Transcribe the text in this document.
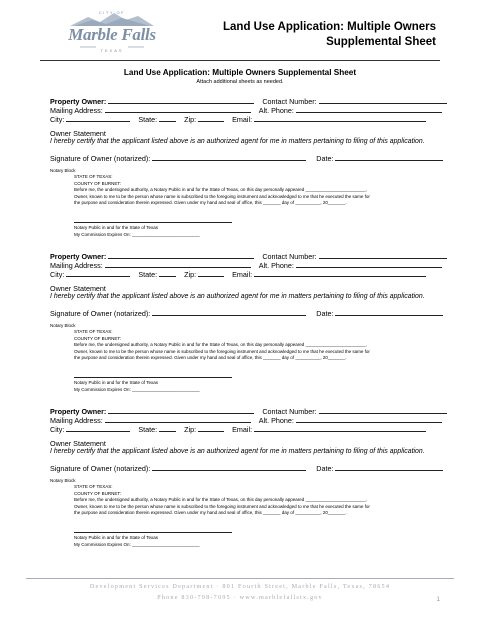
CITY OF
Marble Falls
TEXAS
Land Use Application: Multiple Owners
Supplemental Sheet
Land Use Application: Multiple Owners Supplemental Sheet
Attach additional sheets as needed.
Property Owner:	Contact Number:
Mailing Address:	Alt. Phone:
City:	State:	Zip:	Email:
Owner Statement
I hereby certify that the applicant listed above is an authorized agent for me in matters pertaining to filing of this application.
Signature of Owner (notarized):	Date:
Notary Block
STATE OF TEXAS:
COUNTY OF BURNET:
Before me, the undersigned authority, a Notary Public in and for the State of Texas, on this day personally appeared ________________________,
Owner, known to me to be the person whose name is subscribed to the foregoing instrument and acknowledged to me that he executed the same for
the purpose and consideration therein expressed. Given under my hand and seal of office, this _______ day of __________, 20_______.
Notary Public in and for the State of Texas
My Commission Expires On: ___________________________
Property Owner:	Contact Number:
Mailing Address:	Alt. Phone:
City:	State:	Zip:	Email:
Owner Statement
I hereby certify that the applicant listed above is an authorized agent for me in matters pertaining to filing of this application.
Signature of Owner (notarized):	Date:
Notary Block
STATE OF TEXAS:
COUNTY OF BURNET:
Before me, the undersigned authority, a Notary Public in and for the State of Texas, on this day personally appeared ________________________,
Owner, known to me to be the person whose name is subscribed to the foregoing instrument and acknowledged to me that he executed the same for
the purpose and consideration therein expressed. Given under my hand and seal of office, this _______ day of __________, 20_______.
Notary Public in and for the State of Texas
My Commission Expires On: ___________________________
Property Owner:	Contact Number:
Mailing Address:	Alt. Phone:
City:	State:	Zip:	Email:
Owner Statement
I hereby certify that the applicant listed above is an authorized agent for me in matters pertaining to filing of this application.
Signature of Owner (notarized):	Date:
Notary Block
STATE OF TEXAS:
COUNTY OF BURNET:
Before me, the undersigned authority, a Notary Public in and for the State of Texas, on this day personally appeared ________________________,
Owner, known to me to be the person whose name is subscribed to the foregoing instrument and acknowledged to me that he executed the same for
the purpose and consideration therein expressed. Given under my hand and seal of office, this _______ day of __________, 20_______.
Notary Public in and for the State of Texas
My Commission Expires On: ___________________________
Development Services Department · 801 Fourth Street, Marble Falls, Texas, 78654
Phone 830-798-7095 · www.marblefallstx.gov	1
